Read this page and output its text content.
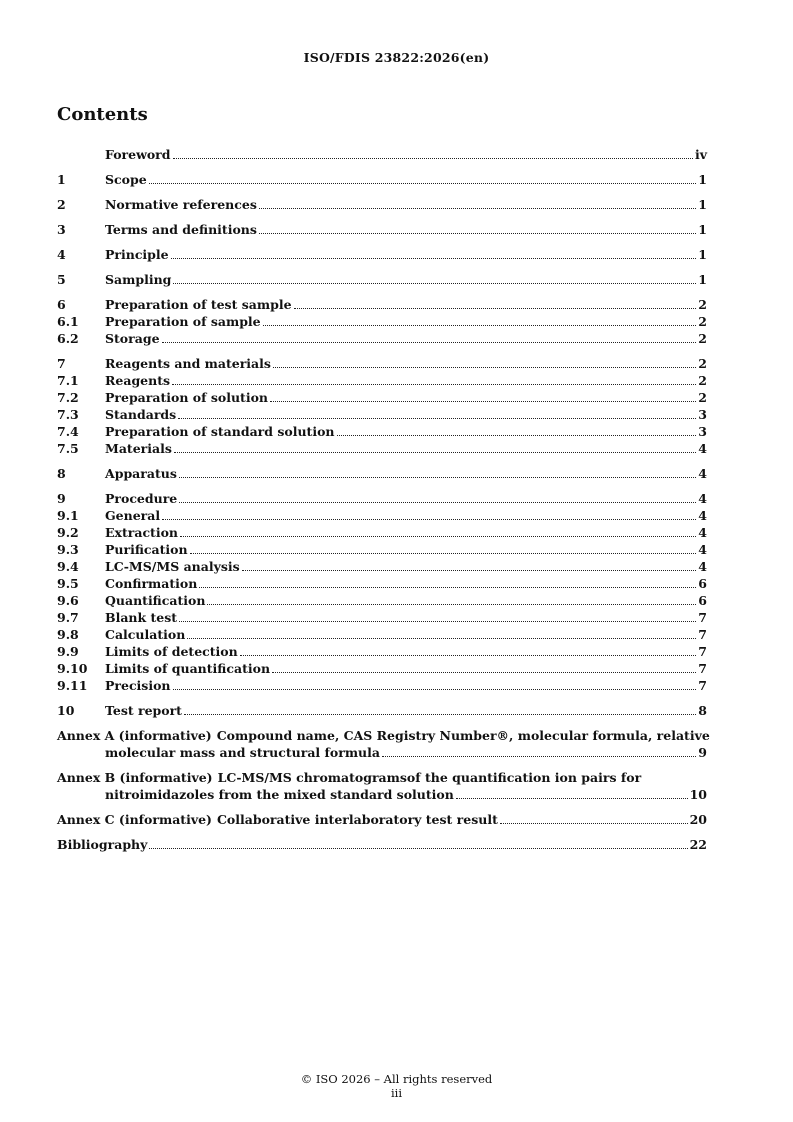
ISO/FDIS 23822:2026(en)
Contents
Foreword	iv
1	Scope	1
2	Normative references	1
3	Terms and definitions	1
4	Principle	1
5	Sampling	1
6	Preparation of test sample	2
6.1	Preparation of sample	2
6.2	Storage	2
7	Reagents and materials	2
7.1	Reagents	2
7.2	Preparation of solution	2
7.3	Standards	3
7.4	Preparation of standard solution	3
7.5	Materials	4
8	Apparatus	4
9	Procedure	4
9.1	General	4
9.2	Extraction	4
9.3	Purification	4
9.4	LC-MS/MS analysis	4
9.5	Confirmation	6
9.6	Quantification	6
9.7	Blank test	7
9.8	Calculation	7
9.9	Limits of detection	7
9.10	Limits of quantification	7
9.11	Precision	7
10	Test report	8
Annex A (informative) Compound name, CAS Registry Number®, molecular formula, relative
molecular mass and structural formula	9
Annex B (informative) LC-MS/MS chromatogramsof the quantification ion pairs for
nitroimidazoles from the mixed standard solution	10
Annex C (informative) Collaborative interlaboratory test result	20
Bibliography	22
© ISO 2026 – All rights reserved
iii
